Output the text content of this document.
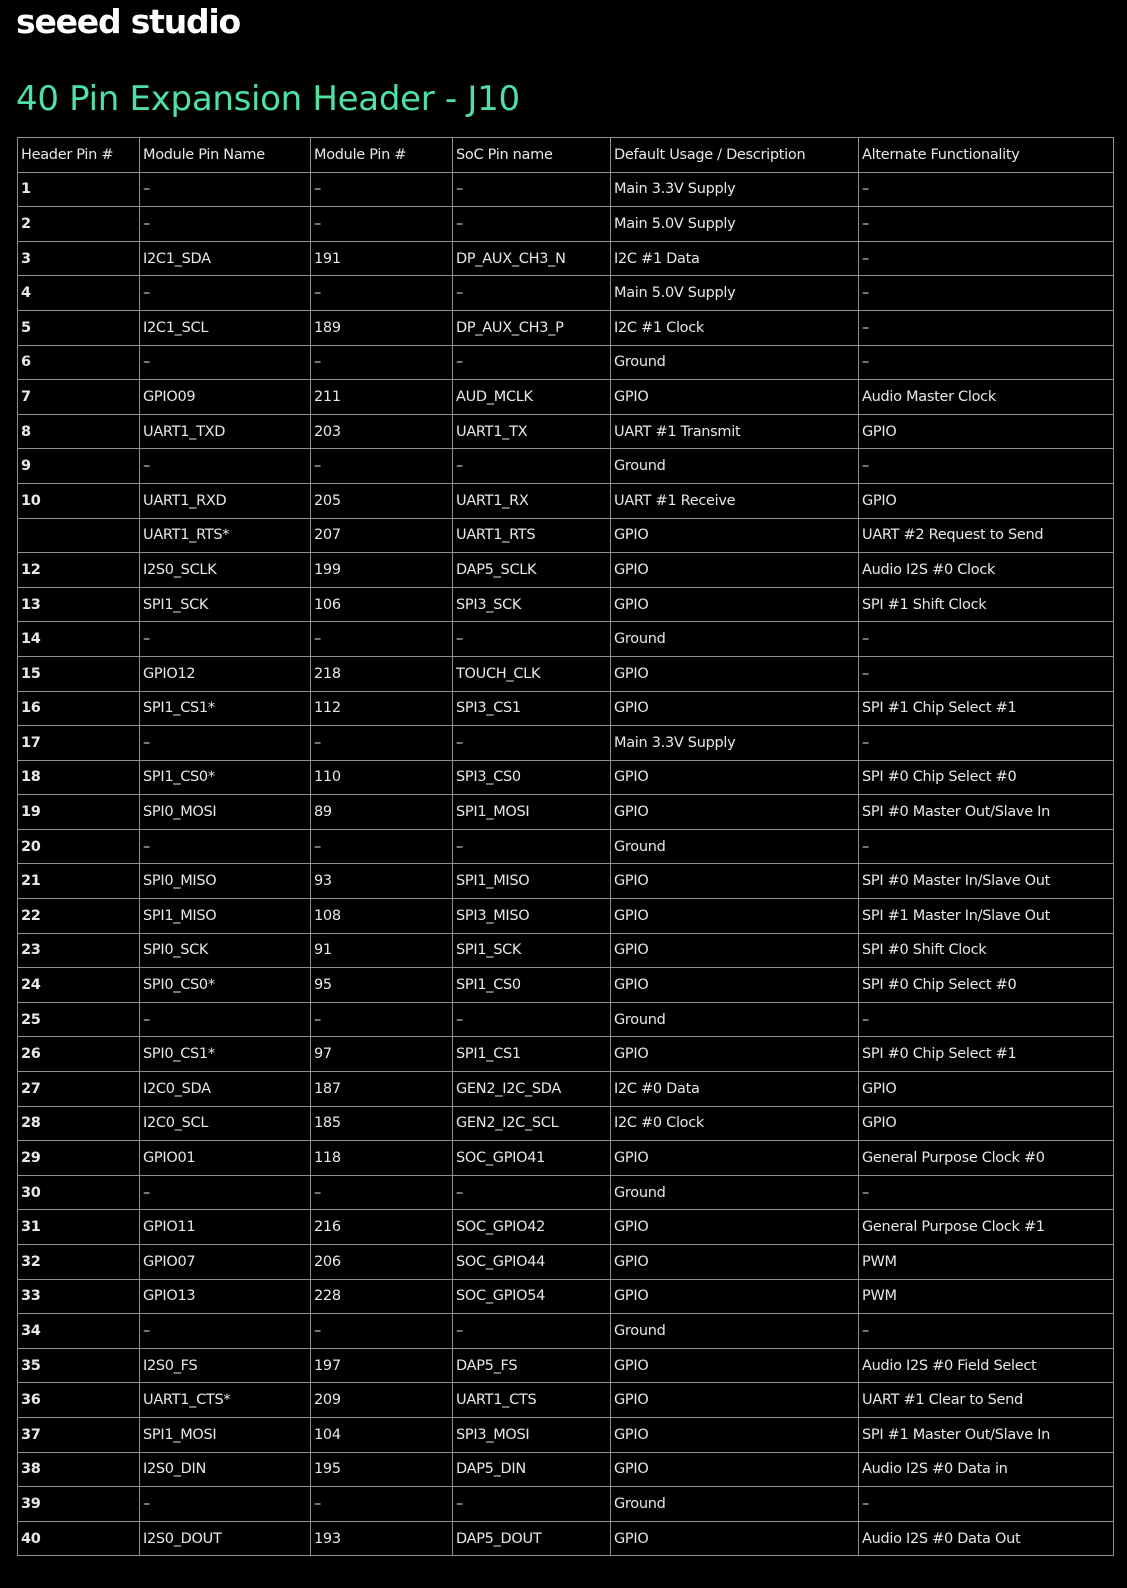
seeed studio
40 Pin Expansion Header - J10
Header Pin #	Module Pin Name	Module Pin #	SoC Pin name	Default Usage / Description	Alternate Functionality
1	–	–	–	Main 3.3V Supply	–
2	–	–	–	Main 5.0V Supply	–
3	I2C1_SDA	191	DP_AUX_CH3_N	I2C #1 Data	–
4	–	–	–	Main 5.0V Supply	–
5	I2C1_SCL	189	DP_AUX_CH3_P	I2C #1 Clock	–
6	–	–	–	Ground	–
7	GPIO09	211	AUD_MCLK	GPIO	Audio Master Clock
8	UART1_TXD	203	UART1_TX	UART #1 Transmit	GPIO
9	–	–	–	Ground	–
10	UART1_RXD	205	UART1_RX	UART #1 Receive	GPIO
	UART1_RTS*	207	UART1_RTS	GPIO	UART #2 Request to Send
12	I2S0_SCLK	199	DAP5_SCLK	GPIO	Audio I2S #0 Clock
13	SPI1_SCK	106	SPI3_SCK	GPIO	SPI #1 Shift Clock
14	–	–	–	Ground	–
15	GPIO12	218	TOUCH_CLK	GPIO	–
16	SPI1_CS1*	112	SPI3_CS1	GPIO	SPI #1 Chip Select #1
17	–	–	–	Main 3.3V Supply	–
18	SPI1_CS0*	110	SPI3_CS0	GPIO	SPI #0 Chip Select #0
19	SPI0_MOSI	89	SPI1_MOSI	GPIO	SPI #0 Master Out/Slave In
20	–	–	–	Ground	–
21	SPI0_MISO	93	SPI1_MISO	GPIO	SPI #0 Master In/Slave Out
22	SPI1_MISO	108	SPI3_MISO	GPIO	SPI #1 Master In/Slave Out
23	SPI0_SCK	91	SPI1_SCK	GPIO	SPI #0 Shift Clock
24	SPI0_CS0*	95	SPI1_CS0	GPIO	SPI #0 Chip Select #0
25	–	–	–	Ground	–
26	SPI0_CS1*	97	SPI1_CS1	GPIO	SPI #0 Chip Select #1
27	I2C0_SDA	187	GEN2_I2C_SDA	I2C #0 Data	GPIO
28	I2C0_SCL	185	GEN2_I2C_SCL	I2C #0 Clock	GPIO
29	GPIO01	118	SOC_GPIO41	GPIO	General Purpose Clock #0
30	–	–	–	Ground	–
31	GPIO11	216	SOC_GPIO42	GPIO	General Purpose Clock #1
32	GPIO07	206	SOC_GPIO44	GPIO	PWM
33	GPIO13	228	SOC_GPIO54	GPIO	PWM
34	–	–	–	Ground	–
35	I2S0_FS	197	DAP5_FS	GPIO	Audio I2S #0 Field Select
36	UART1_CTS*	209	UART1_CTS	GPIO	UART #1 Clear to Send
37	SPI1_MOSI	104	SPI3_MOSI	GPIO	SPI #1 Master Out/Slave In
38	I2S0_DIN	195	DAP5_DIN	GPIO	Audio I2S #0 Data in
39	–	–	–	Ground	–
40	I2S0_DOUT	193	DAP5_DOUT	GPIO	Audio I2S #0 Data Out
